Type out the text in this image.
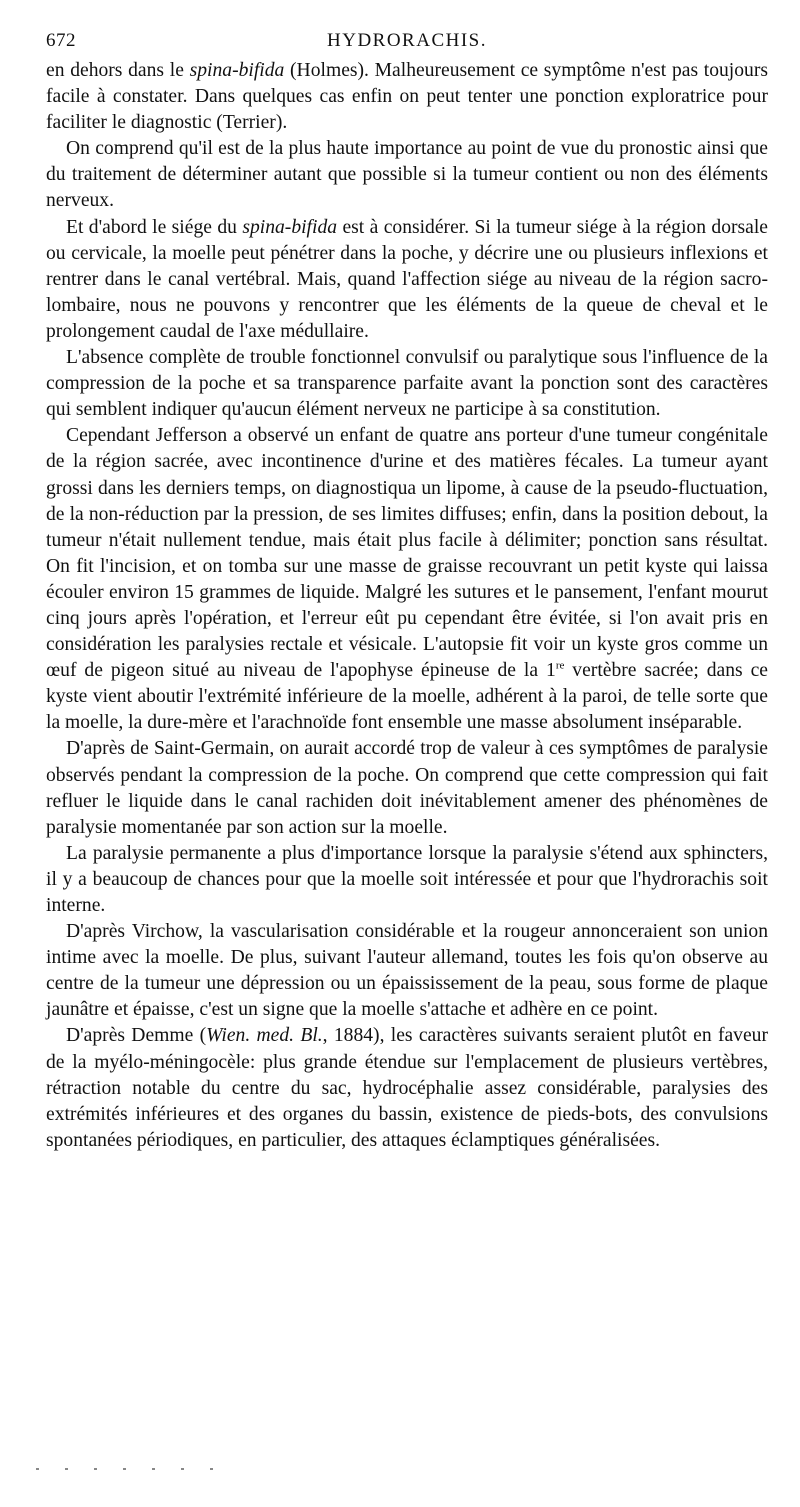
672	HYDRORACHIS.

en dehors dans le spina-bifida (Holmes). Malheureusement ce symptôme n'est pas toujours facile à constater. Dans quelques cas enfin on peut tenter une ponction exploratrice pour faciliter le diagnostic (Terrier).

On comprend qu'il est de la plus haute importance au point de vue du pronostic ainsi que du traitement de déterminer autant que possible si la tumeur contient ou non des éléments nerveux.

Et d'abord le siége du spina-bifida est à considérer. Si la tumeur siége à la région dorsale ou cervicale, la moelle peut pénétrer dans la poche, y décrire une ou plusieurs inflexions et rentrer dans le canal vertébral. Mais, quand l'affection siége au niveau de la région sacro-lombaire, nous ne pouvons y rencontrer que les éléments de la queue de cheval et le prolongement caudal de l'axe médullaire.

L'absence complète de trouble fonctionnel convulsif ou paralytique sous l'influence de la compression de la poche et sa transparence parfaite avant la ponction sont des caractères qui semblent indiquer qu'aucun élément nerveux ne participe à sa constitution.

Cependant Jefferson a observé un enfant de quatre ans porteur d'une tumeur congénitale de la région sacrée, avec incontinence d'urine et des matières fécales. La tumeur ayant grossi dans les derniers temps, on diagnostiqua un lipome, à cause de la pseudo-fluctuation, de la non-réduction par la pression, de ses limites diffuses; enfin, dans la position debout, la tumeur n'était nullement tendue, mais était plus facile à délimiter; ponction sans résultat. On fit l'incision, et on tomba sur une masse de graisse recouvrant un petit kyste qui laissa écouler environ 15 grammes de liquide. Malgré les sutures et le pansement, l'enfant mourut cinq jours après l'opération, et l'erreur eût pu cependant être évitée, si l'on avait pris en considération les paralysies rectale et vésicale. L'autopsie fit voir un kyste gros comme un œuf de pigeon situé au niveau de l'apophyse épineuse de la 1re vertèbre sacrée; dans ce kyste vient aboutir l'extrémité inférieure de la moelle, adhérent à la paroi, de telle sorte que la moelle, la dure-mère et l'arachnoïde font ensemble une masse absolument inséparable.

D'après de Saint-Germain, on aurait accordé trop de valeur à ces symptômes de paralysie observés pendant la compression de la poche. On comprend que cette compression qui fait refluer le liquide dans le canal rachiden doit inévitablement amener des phénomènes de paralysie momentanée par son action sur la moelle.

La paralysie permanente a plus d'importance lorsque la paralysie s'étend aux sphincters, il y a beaucoup de chances pour que la moelle soit intéressée et pour que l'hydrorachis soit interne.

D'après Virchow, la vascularisation considérable et la rougeur annonceraient son union intime avec la moelle. De plus, suivant l'auteur allemand, toutes les fois qu'on observe au centre de la tumeur une dépression ou un épaississement de la peau, sous forme de plaque jaunâtre et épaisse, c'est un signe que la moelle s'attache et adhère en ce point.

D'après Demme (Wien. med. Bl., 1884), les caractères suivants seraient plutôt en faveur de la myélo-méningocèle: plus grande étendue sur l'emplacement de plusieurs vertèbres, rétraction notable du centre du sac, hydrocéphalie assez considérable, paralysies des extrémités inférieures et des organes du bassin, existence de pieds-bots, des convulsions spontanées périodiques, en particulier, des attaques éclamptiques généralisées.
